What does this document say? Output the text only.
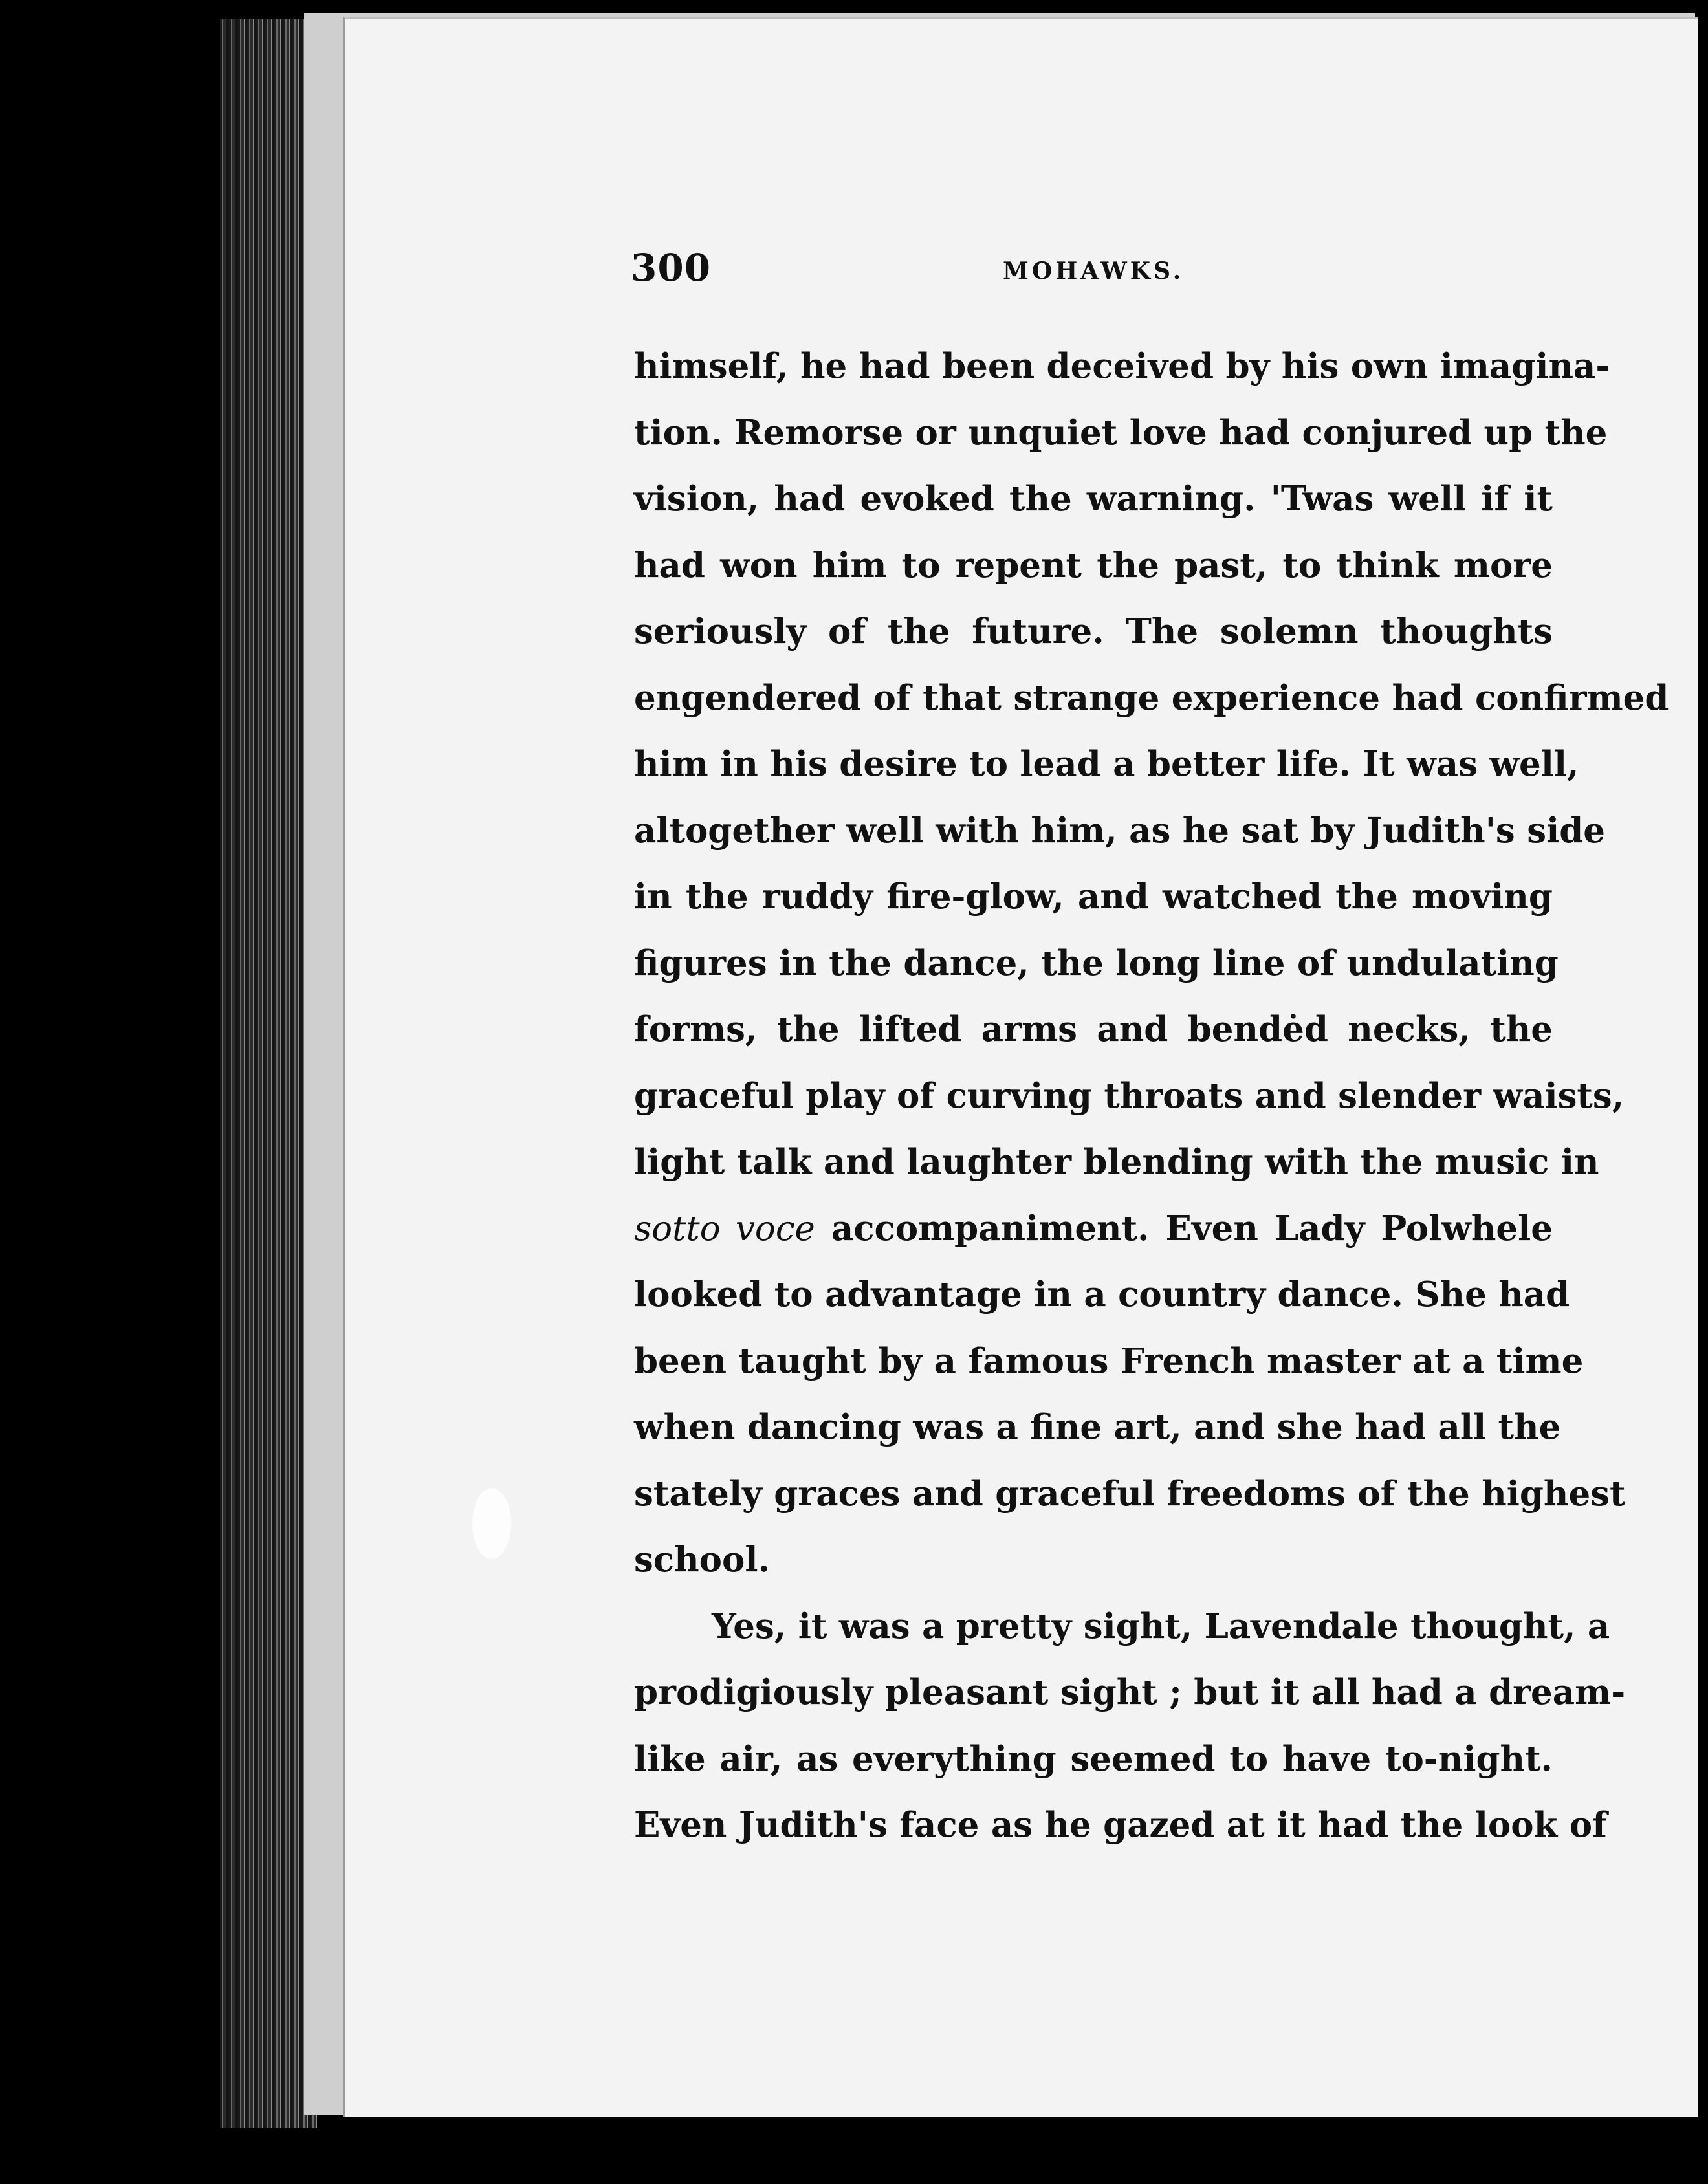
300	MOHAWKS.
himself, he had been deceived by his own imagina-
tion. Remorse or unquiet love had conjured up the
vision, had evoked the warning. 'Twas well if it
had won him to repent the past, to think more
seriously of the future. The solemn thoughts
engendered of that strange experience had confirmed
him in his desire to lead a better life. It was well,
altogether well with him, as he sat by Judith's side
in the ruddy fire-glow, and watched the moving
figures in the dance, the long line of undulating
forms, the lifted arms and bendėd necks, the
graceful play of curving throats and slender waists,
light talk and laughter blending with the music in
sotto voce accompaniment. Even Lady Polwhele
looked to advantage in a country dance. She had
been taught by a famous French master at a time
when dancing was a fine art, and she had all the
stately graces and graceful freedoms of the highest
school.
Yes, it was a pretty sight, Lavendale thought, a
prodigiously pleasant sight ; but it all had a dream-
like air, as everything seemed to have to-night.
Even Judith's face as he gazed at it had the look of
